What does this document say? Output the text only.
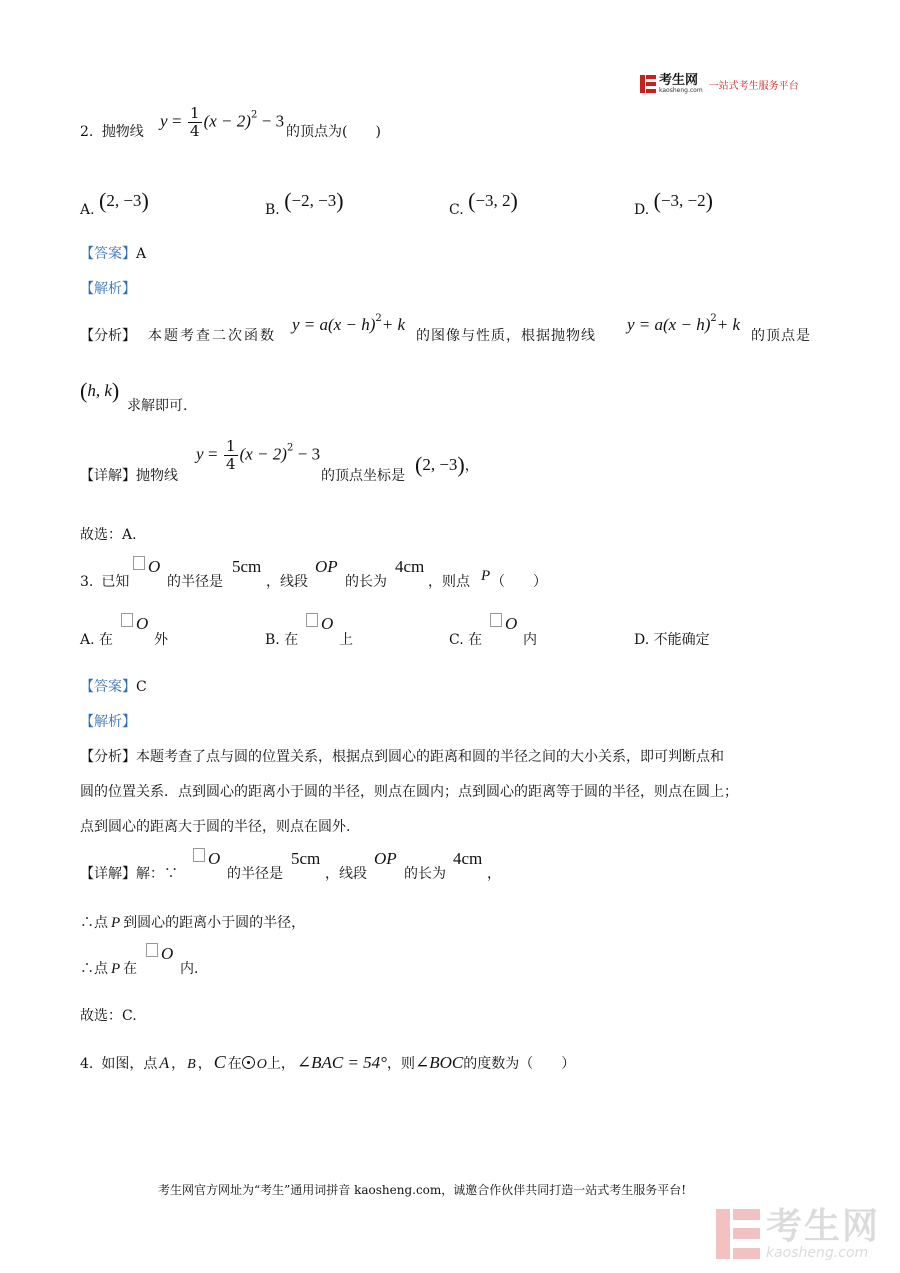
考生网
kaosheng.com 一站式考生服务平台
2. 抛物线
$y = \frac{1}{4} (x - 2)^2 - 3$
的顶点为(　　)
A. (2, −3)	B. (−2, −3)	C. (−3, 2)	D. (−3, −2)
【答案】A
【解析】
【分析】 本题考查二次函数
$y = a(x - h)^2+ k$
的图像与性质，根据抛物线
$y = a(x - h)^2+ k$
的顶点是
(h, k)
求解即可.
【详解】抛物线
$y = \frac{1}{4} (x - 2)^2 - 3$
的顶点坐标是 (2, −3)，
故选：A.
3. 已知
O
的半径是
5cm
，线段
OP
的长为
4cm
，则点 P （　　）
A. 在
O
外	B. 在
O
上	C. 在
O
内	D. 不能确定
【答案】C
【解析】
【分析】本题考查了点与圆的位置关系，根据点到圆心的距离和圆的半径之间的大小关系，即可判断点和
圆的位置关系．点到圆心的距离小于圆的半径，则点在圆内；点到圆心的距离等于圆的半径，则点在圆上；
点到圆心的距离大于圆的半径，则点在圆外.
【详解】解：∵
O
的半径是
5cm
，线段
OP
的长为
4cm
，
∴点 P 到圆心的距离小于圆的半径，
∴点 P 在
O
内.
故选：C.
4. 如图，点 A ， B ， C 在 O上， ∠BAC = 54°，则∠BOC的度数为（　　）
考生网官方网址为“考生”通用词拼音 kaosheng.com，诚邀合作伙伴共同打造一站式考生服务平台!
考生网
kaosheng.com
